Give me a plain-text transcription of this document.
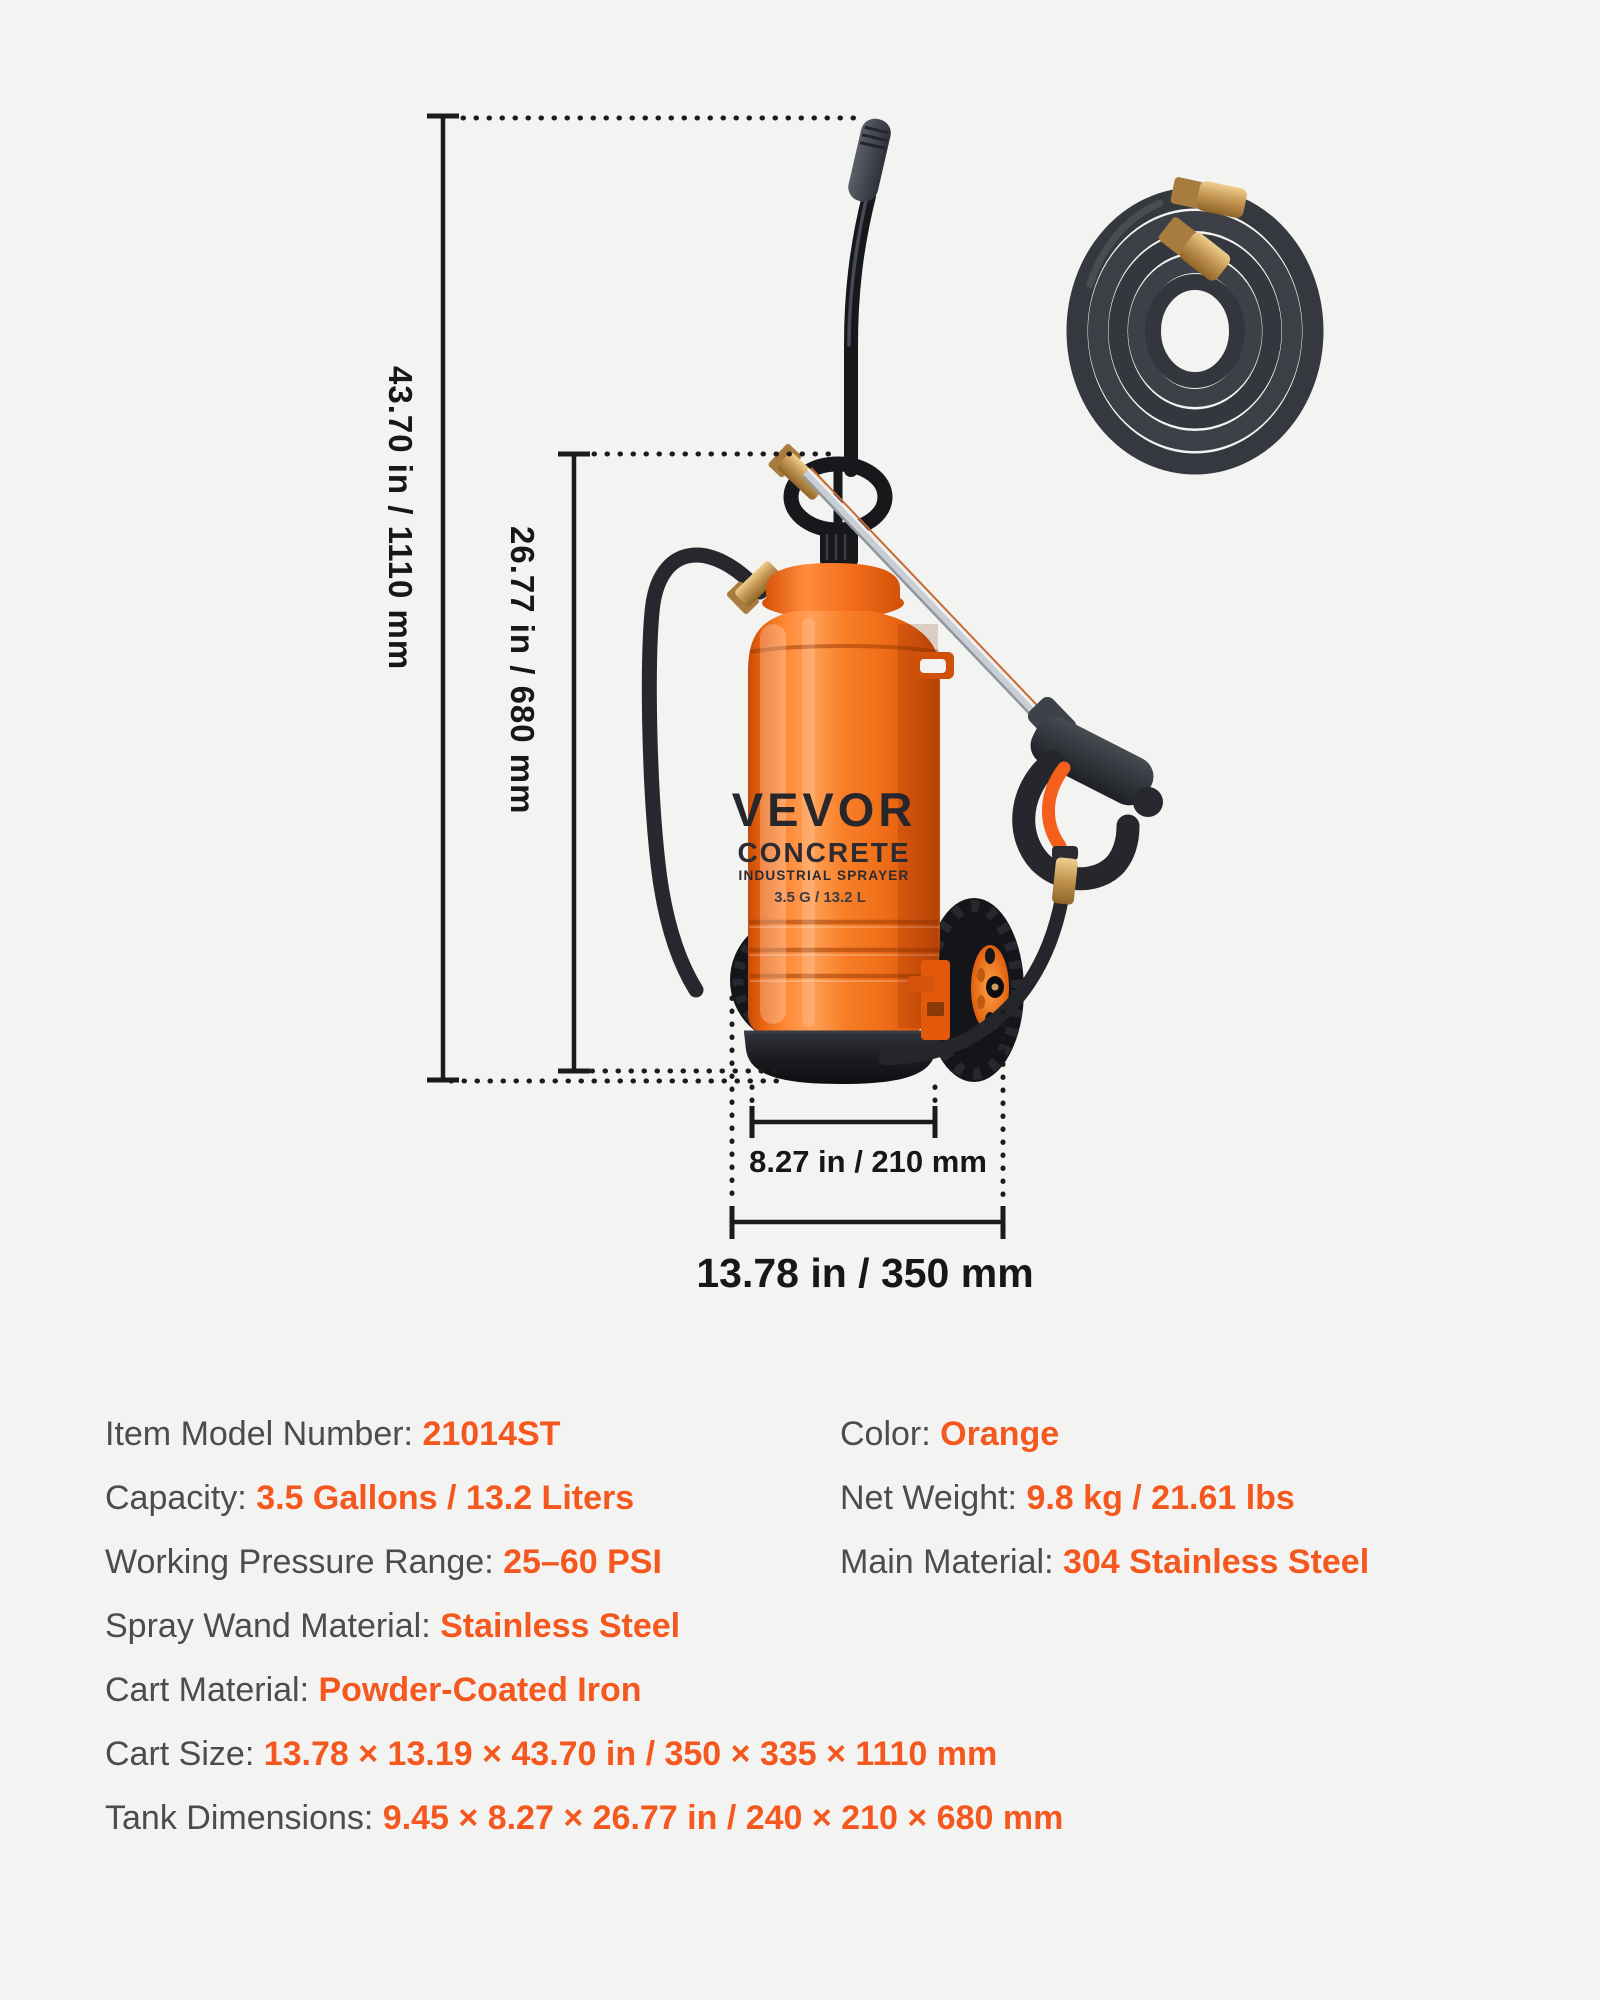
VEVOR
CONCRETE
INDUSTRIAL SPRAYER
3.5 G / 13.2 L
43.70 in / 1110 mm
26.77 in / 680 mm
8.27 in / 210 mm
13.78 in / 350 mm
Item Model Number: 21014ST
Capacity: 3.5 Gallons / 13.2 Liters
Working Pressure Range: 25–60 PSI
Spray Wand Material: Stainless Steel
Cart Material: Powder-Coated Iron
Cart Size: 13.78 × 13.19 × 43.70 in / 350 × 335 × 1110 mm
Tank Dimensions: 9.45 × 8.27 × 26.77 in / 240 × 210 × 680 mm
Color: Orange
Net Weight: 9.8 kg / 21.61 lbs
Main Material: 304 Stainless Steel
